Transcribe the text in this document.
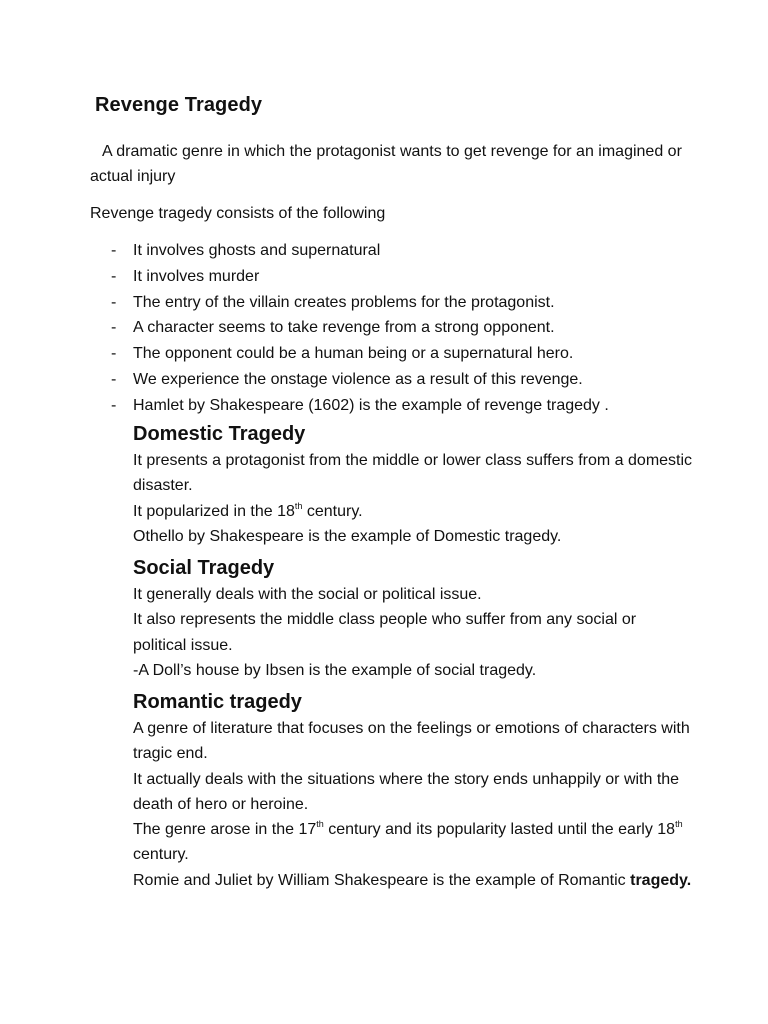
Revenge Tragedy

A dramatic genre in which the protagonist wants to get revenge for an imagined or actual injury

Revenge tragedy consists of the following

- It involves ghosts and supernatural
- It involves murder
- The entry of the villain creates problems for the protagonist.
- A character seems to take revenge from a strong opponent.
- The opponent could be a human being or a supernatural hero.
- We experience the onstage violence as a result of this revenge.
- Hamlet by Shakespeare (1602) is the example of revenge tragedy .
Domestic Tragedy

It presents a protagonist from the middle or lower class suffers from a domestic disaster.

It popularized in the 18th century.

Othello by Shakespeare is the example of Domestic tragedy.

Social Tragedy

It generally deals with the social or political issue.

It also represents the middle class people who suffer from any social or political issue.

-A Doll’s house by Ibsen is the example of social tragedy.

Romantic tragedy

A genre of literature that focuses on the feelings or emotions of characters with tragic end.

It actually deals with the situations where the story ends unhappily or with the death of hero or heroine.

The genre arose in the 17th century and its popularity lasted until the early 18th century.

Romie and Juliet by William Shakespeare is the example of Romantic tragedy.
